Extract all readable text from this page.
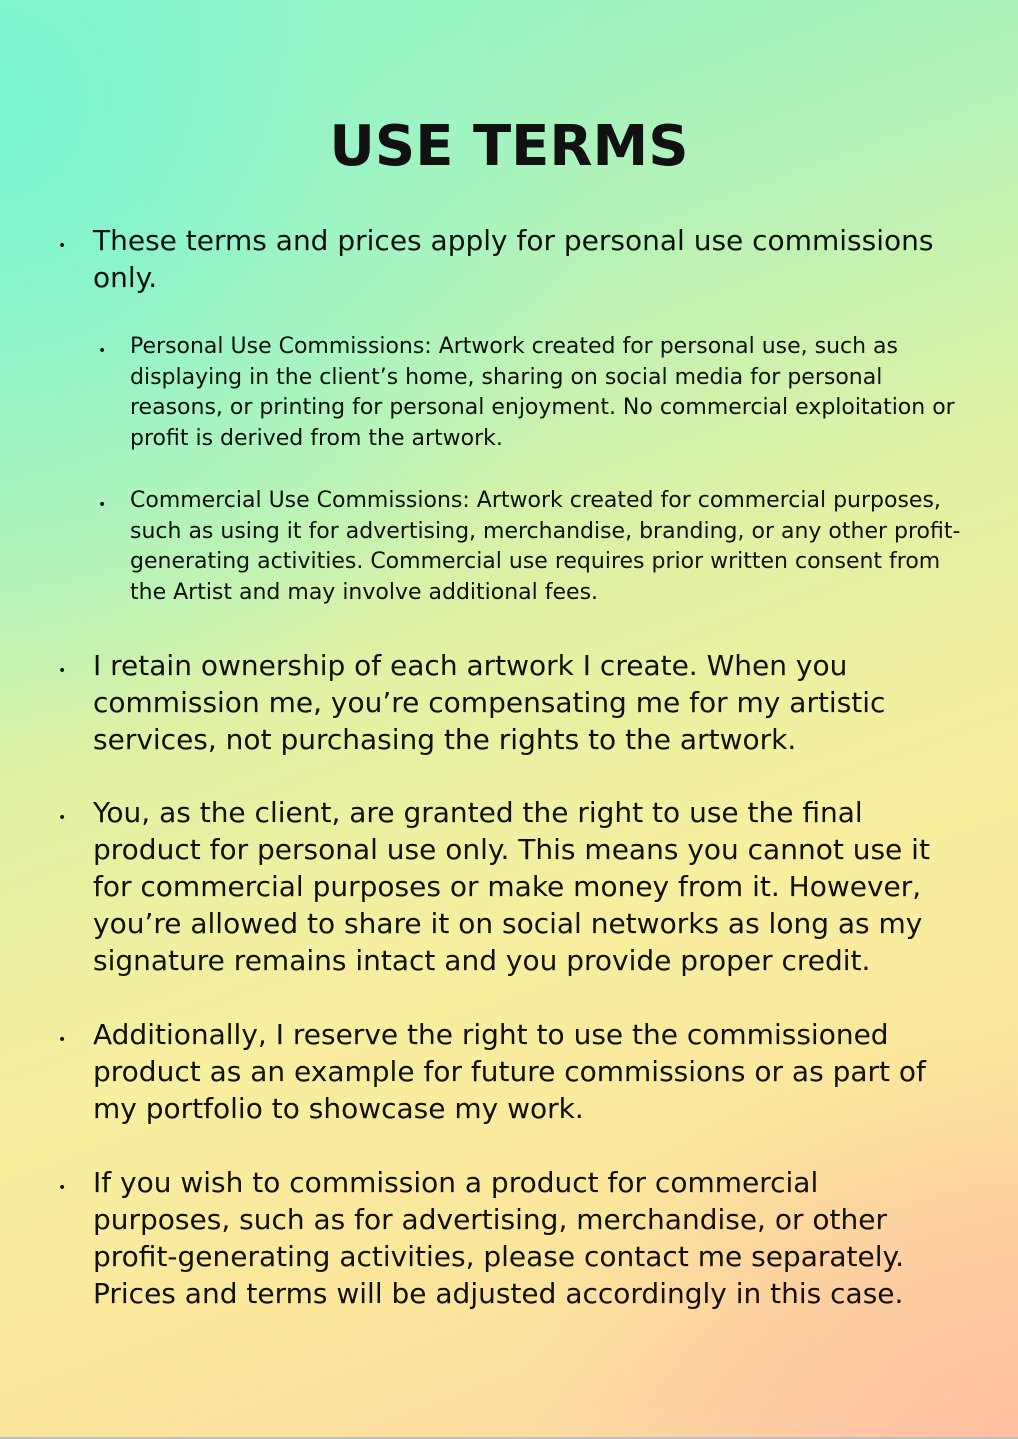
USE TERMS
• These terms and prices apply for personal use commissions only.

• Personal Use Commissions: Artwork created for personal use, such as displaying in the client’s home, sharing on social media for personal reasons, or printing for personal enjoyment. No commercial exploitation or profit is derived from the artwork.

• Commercial Use Commissions: Artwork created for commercial purposes, such as using it for advertising, merchandise, branding, or any other profit-generating activities. Commercial use requires prior written consent from the Artist and may involve additional fees.

• I retain ownership of each artwork I create. When you commission me, you’re compensating me for my artistic services, not purchasing the rights to the artwork.

• You, as the client, are granted the right to use the final product for personal use only. This means you cannot use it for commercial purposes or make money from it. However, you’re allowed to share it on social networks as long as my signature remains intact and you provide proper credit.

• Additionally, I reserve the right to use the commissioned product as an example for future commissions or as part of my portfolio to showcase my work.

• If you wish to commission a product for commercial purposes, such as for advertising, merchandise, or other profit-generating activities, please contact me separately. Prices and terms will be adjusted accordingly in this case.
